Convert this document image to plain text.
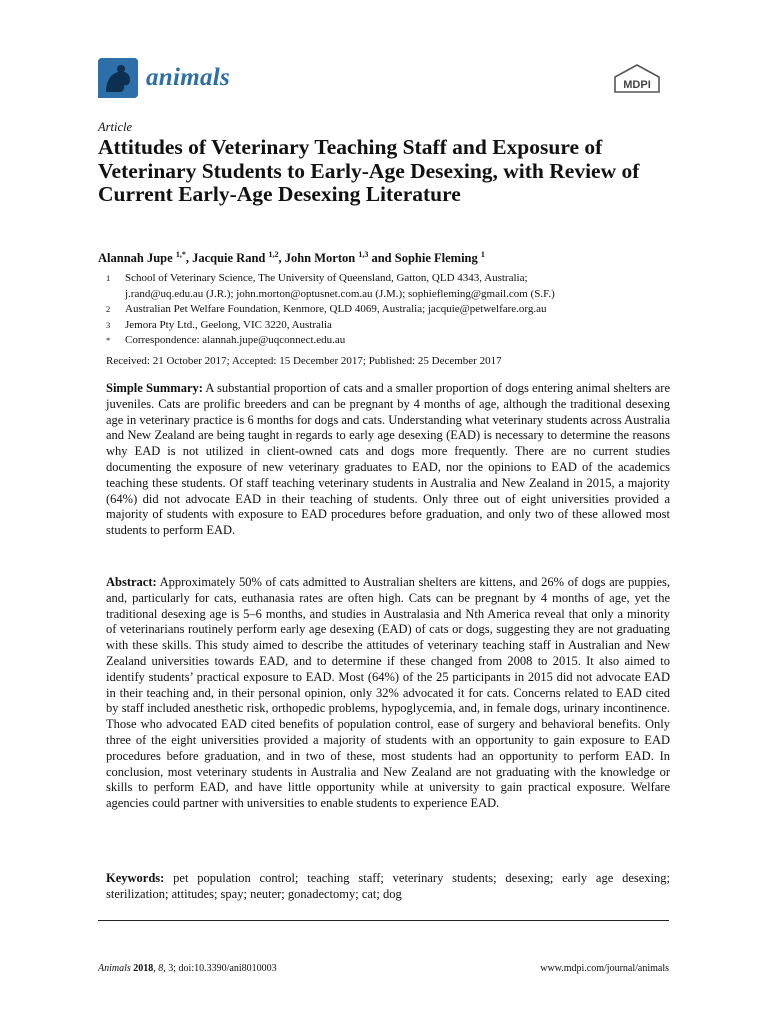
animals	MDPI
Article
Attitudes of Veterinary Teaching Staff and Exposure of Veterinary Students to Early-Age Desexing, with Review of Current Early-Age Desexing Literature
Alannah Jupe $^{1,*}$, Jacquie Rand $^{1,2}$, John Morton $^{1,3}$ and Sophie Fleming $^1$
1	School of Veterinary Science, The University of Queensland, Gatton, QLD 4343, Australia;
j.rand@uq.edu.au (J.R.); john.morton@optusnet.com.au (J.M.); sophiefleming@gmail.com (S.F.)
2	Australian Pet Welfare Foundation, Kenmore, QLD 4069, Australia; jacquie@petwelfare.org.au
3	Jemora Pty Ltd., Geelong, VIC 3220, Australia
*	Correspondence: alannah.jupe@uqconnect.edu.au
Received: 21 October 2017; Accepted: 15 December 2017; Published: 25 December 2017

Simple Summary: A substantial proportion of cats and a smaller proportion of dogs entering animal shelters are juveniles. Cats are prolific breeders and can be pregnant by 4 months of age, although the traditional desexing age in veterinary practice is 6 months for dogs and cats. Understanding what veterinary students across Australia and New Zealand are being taught in regards to early age desexing (EAD) is necessary to determine the reasons why EAD is not utilized in client-owned cats and dogs more frequently. There are no current studies documenting the exposure of new veterinary graduates to EAD, nor the opinions to EAD of the academics teaching these students. Of staff teaching veterinary students in Australia and New Zealand in 2015, a majority (64%) did not advocate EAD in their teaching of students. Only three out of eight universities provided a majority of students with exposure to EAD procedures before graduation, and only two of these allowed most students to perform EAD.

Abstract: Approximately 50% of cats admitted to Australian shelters are kittens, and 26% of dogs are puppies, and, particularly for cats, euthanasia rates are often high. Cats can be pregnant by 4 months of age, yet the traditional desexing age is 5–6 months, and studies in Australasia and Nth America reveal that only a minority of veterinarians routinely perform early age desexing (EAD) of cats or dogs, suggesting they are not graduating with these skills. This study aimed to describe the attitudes of veterinary teaching staff in Australian and New Zealand universities towards EAD, and to determine if these changed from 2008 to 2015. It also aimed to identify students’ practical exposure to EAD. Most (64%) of the 25 participants in 2015 did not advocate EAD in their teaching and, in their personal opinion, only 32% advocated it for cats. Concerns related to EAD cited by staff included anesthetic risk, orthopedic problems, hypoglycemia, and, in female dogs, urinary incontinence. Those who advocated EAD cited benefits of population control, ease of surgery and behavioral benefits. Only three of the eight universities provided a majority of students with an opportunity to gain exposure to EAD procedures before graduation, and in two of these, most students had an opportunity to perform EAD. In conclusion, most veterinary students in Australia and New Zealand are not graduating with the knowledge or skills to perform EAD, and have little opportunity while at university to gain practical exposure. Welfare agencies could partner with universities to enable students to experience EAD.

Keywords: pet population control; teaching staff; veterinary students; desexing; early age desexing; sterilization; attitudes; spay; neuter; gonadectomy; cat; dog

Animals 2018, 8, 3; doi:10.3390/ani8010003	www.mdpi.com/journal/animals
